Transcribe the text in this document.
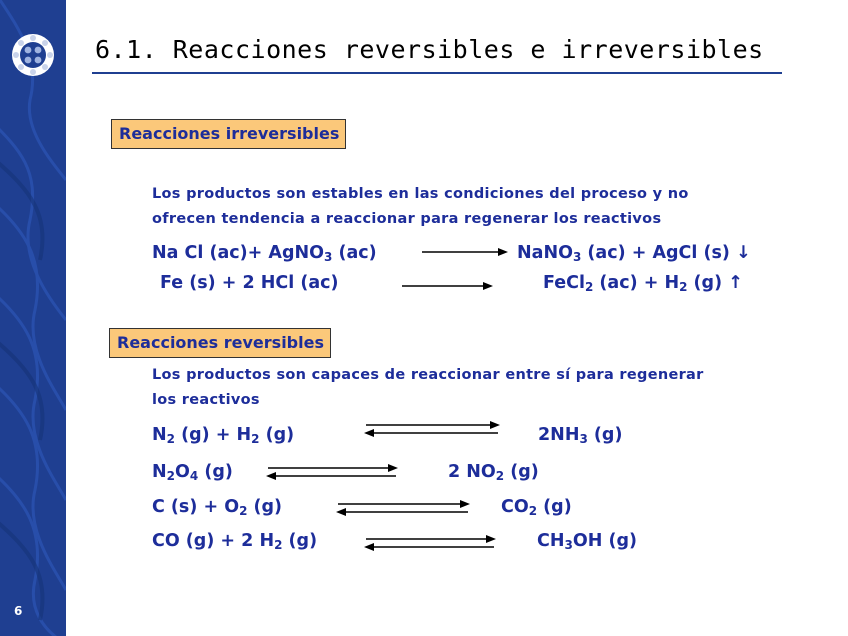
6
6.1. Reacciones reversibles e irreversibles
Reacciones irreversibles
Los productos son estables en las condiciones del proceso y no
ofrecen tendencia a reaccionar para regenerar los reactivos
Na Cl (ac)+ AgNO$_3$ (ac)	NaNO$_3$ (ac) + AgCl (s) ↓
Fe (s) + 2 HCl (ac)	FeCl$_2$ $(ac) + H_2$ (g) ↑
Reacciones reversibles
Los productos son capaces de reaccionar entre sí para regenerar
los reactivos
$N_2$ $(g) + H_2$ (g)	$2NH_3$ (g)
$N_2O_4$ (g)	2 $NO_2$ (g)
C $(s) + O_2$ (g)	$CO_2$ (g)
CO (g) + 2 $H_2$ (g)	$CH_3OH$ (g)
